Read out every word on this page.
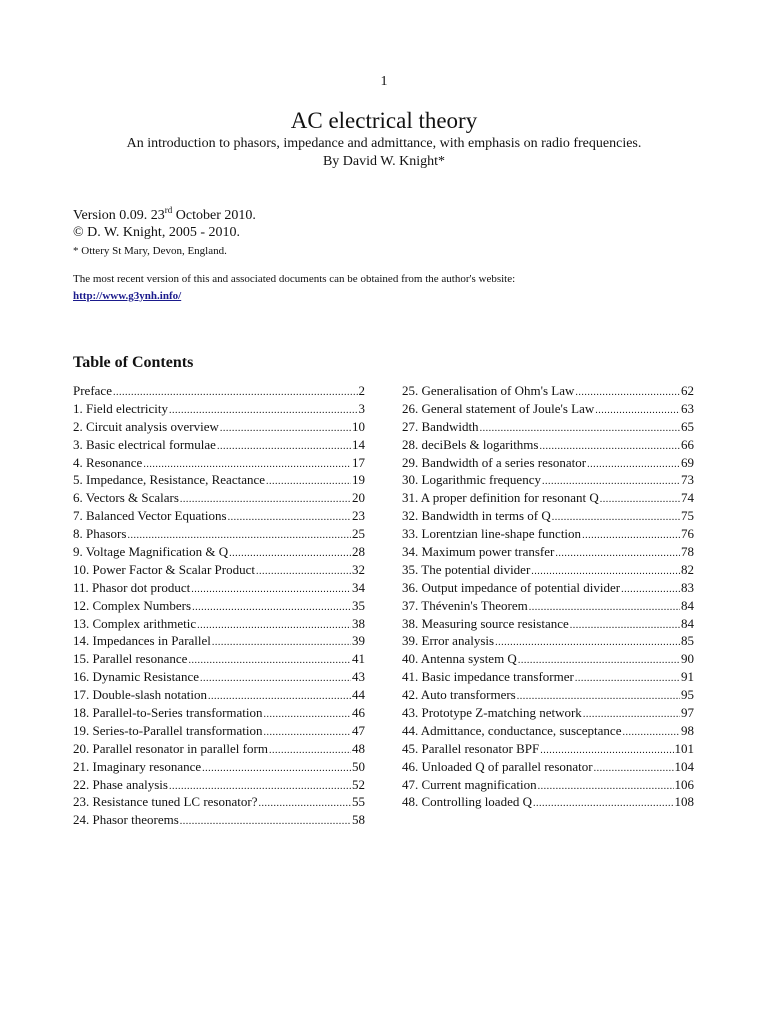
1
AC electrical theory
An introduction to phasors, impedance and admittance, with emphasis on radio frequencies.
By David W. Knight*
Version 0.09. 23rd October 2010.
© D. W. Knight, 2005 - 2010.
* Ottery St Mary, Devon, England.
The most recent version of this and associated documents can be obtained from the author's website:
http://www.g3ynh.info/
Table of Contents
Preface .....	2
1. Field electricity .....	3
2. Circuit analysis overview .....	10
3. Basic electrical formulae .....	14
4. Resonance .....	17
5. Impedance, Resistance, Reactance .....	19
6. Vectors & Scalars .....	20
7. Balanced Vector Equations .....	23
8. Phasors .....	25
9. Voltage Magnification & Q .....	28
10. Power Factor & Scalar Product .....	32
11. Phasor dot product .....	34
12. Complex Numbers .....	35
13. Complex arithmetic .....	38
14. Impedances in Parallel .....	39
15. Parallel resonance .....	41
16. Dynamic Resistance .....	43
17. Double-slash notation .....	44
18. Parallel-to-Series transformation .....	46
19. Series-to-Parallel transformation .....	47
20. Parallel resonator in parallel form .....	48
21. Imaginary resonance .....	50
22. Phase analysis .....	52
23. Resistance tuned LC resonator? .....	55
24. Phasor theorems .....	58
25. Generalisation of Ohm's Law .....	62
26. General statement of Joule's Law .....	63
27. Bandwidth .....	65
28. deciBels & logarithms .....	66
29. Bandwidth of a series resonator .....	69
30. Logarithmic frequency .....	73
31. A proper definition for resonant Q .....	74
32. Bandwidth in terms of Q .....	75
33. Lorentzian line-shape function .....	76
34. Maximum power transfer .....	78
35. The potential divider .....	82
36. Output impedance of potential divider .....	83
37. Thévenin's Theorem .....	84
38. Measuring source resistance .....	84
39. Error analysis .....	85
40. Antenna system Q .....	90
41. Basic impedance transformer .....	91
42. Auto transformers .....	95
43. Prototype Z-matching network .....	97
44. Admittance, conductance, susceptance .....	98
45. Parallel resonator BPF .....	101
46. Unloaded Q of parallel resonator .....	104
47. Current magnification .....	106
48. Controlling loaded Q .....	108
